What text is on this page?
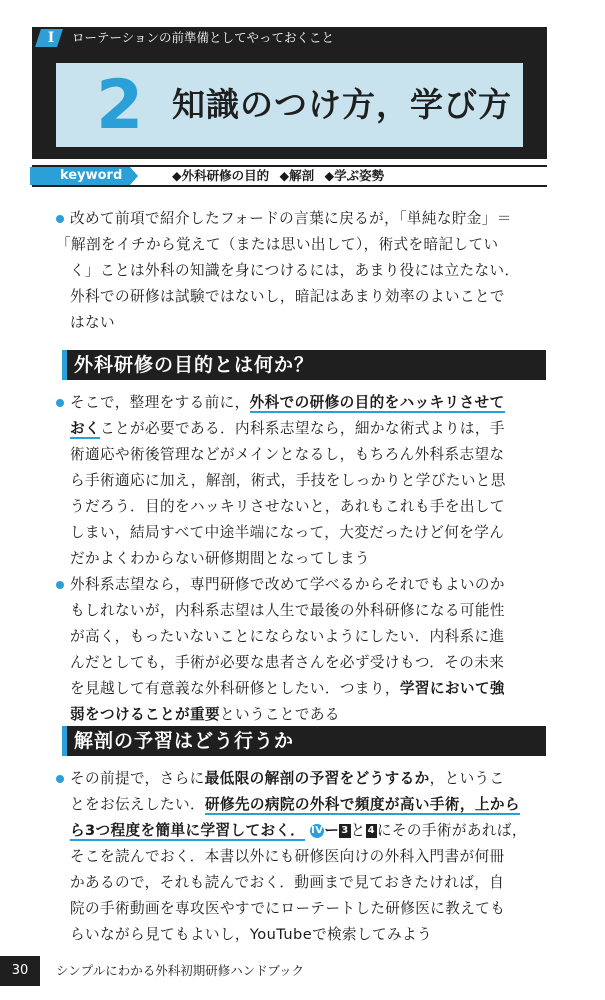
I	ローテーションの前準備としてやっておくこと
2 知識のつけ方，学び方
keyword	◆外科研修の目的 ◆解剖 ◆学ぶ姿勢
改めて前項で紹介したフォードの言葉に戻るが，「単純な貯金」＝
「解剖をイチから覚えて（または思い出して），術式を暗記してい
く」ことは外科の知識を身につけるには，あまり役には立たない．
外科での研修は試験ではないし，暗記はあまり効率のよいことで
はない
外科研修の目的とは何か？
そこで，整理をする前に，外科での研修の目的をハッキリさせて
おくことが必要である．内科系志望なら，細かな術式よりは，手
術適応や術後管理などがメインとなるし，もちろん外科系志望な
ら手術適応に加え，解剖，術式，手技をしっかりと学びたいと思
うだろう．目的をハッキリさせないと，あれもこれも手を出して
しまい，結局すべて中途半端になって，大変だったけど何を学ん
だかよくわからない研修期間となってしまう
外科系志望なら，専門研修で改めて学べるからそれでもよいのか
もしれないが，内科系志望は人生で最後の外科研修になる可能性
が高く，もったいないことにならないようにしたい．内科系に進
んだとしても，手術が必要な患者さんを必ず受けもつ．その未来
を見越して有意義な外科研修としたい．つまり，学習において強
弱をつけることが重要ということである
解剖の予習はどう行うか
その前提で，さらに最低限の解剖の予習をどうするか，というこ
とをお伝えしたい．研修先の病院の外科で頻度が高い手術，上から
ら3つ程度を簡単に学習しておく． IVー 3 と 4 にその手術があれば，
そこを読んでおく．本書以外にも研修医向けの外科入門書が何冊
かあるので，それも読んでおく．動画まで見ておきたければ，自
院の手術動画を専攻医やすでにローテートした研修医に教えても
らいながら見てもよいし，YouTubeで検索してみよう
30	シンプルにわかる外科初期研修ハンドブック
